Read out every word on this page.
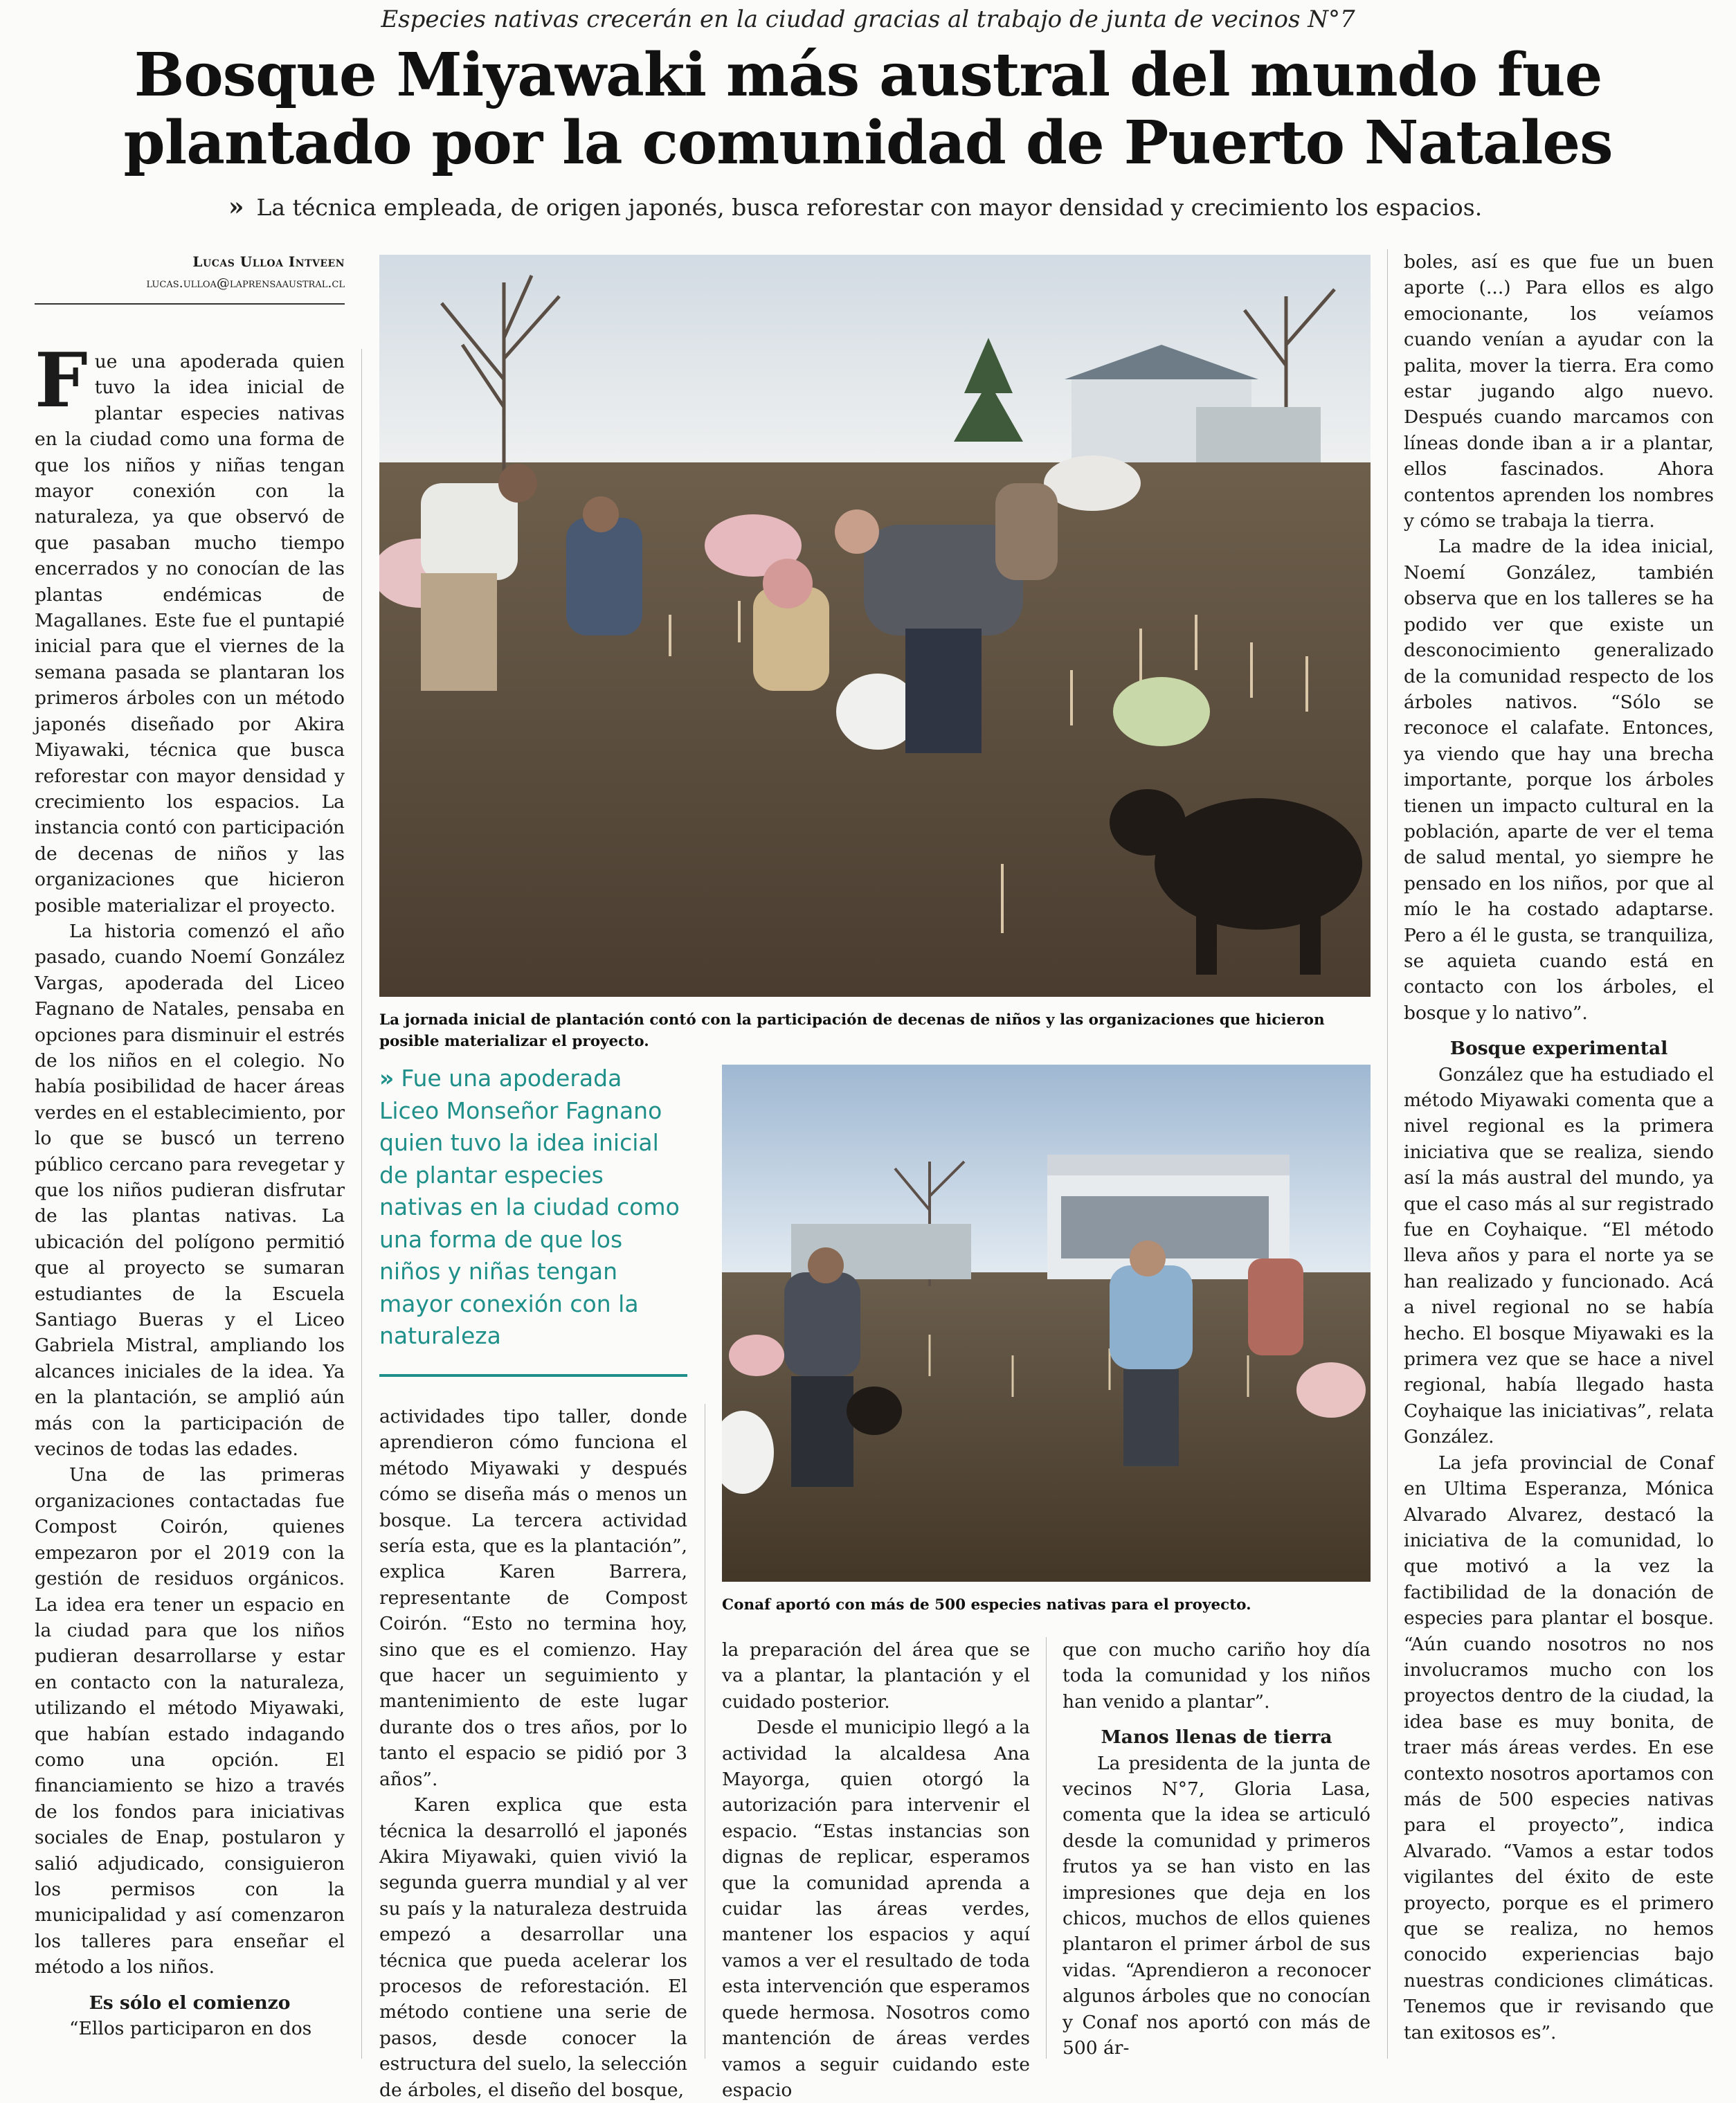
Especies nativas crecerán en la ciudad gracias al trabajo de junta de vecinos N°7
Bosque Miyawaki más austral del mundo fue
plantado por la comunidad de Puerto Natales
» La técnica empleada, de origen japonés, busca reforestar con mayor densidad y crecimiento los espacios.
Lucas Ulloa Intveen
lucas.ulloa@laprensaaustral.cl

Fue una apoderada quien tuvo la idea inicial de plantar especies nativas en la ciudad como una forma de que los niños y niñas tengan mayor conexión con la naturaleza, ya que observó de que pasaban mucho tiempo encerrados y no conocían de las plantas endémicas de Magallanes. Este fue el puntapié inicial para que el viernes de la semana pasada se plantaran los primeros árboles con un método japonés diseñado por Akira Miyawaki, técnica que busca reforestar con mayor densidad y crecimiento los espacios. La instancia contó con participación de decenas de niños y las organizaciones que hicieron posible materializar el proyecto.

La historia comenzó el año pasado, cuando Noemí González Vargas, apoderada del Liceo Fagnano de Natales, pensaba en opciones para disminuir el estrés de los niños en el colegio. No había posibilidad de hacer áreas verdes en el establecimiento, por lo que se buscó un terreno público cercano para revegetar y que los niños pudieran disfrutar de las plantas nativas. La ubicación del polígono permitió que al proyecto se sumaran estudiantes de la Escuela Santiago Bueras y el Liceo Gabriela Mistral, ampliando los alcances iniciales de la idea. Ya en la plantación, se amplió aún más con la participación de vecinos de todas las edades.

Una de las primeras organizaciones contactadas fue Compost Coirón, quienes empezaron por el 2019 con la gestión de residuos orgánicos. La idea era tener un espacio en la ciudad para que los niños pudieran desarrollarse y estar en contacto con la naturaleza, utilizando el método Miyawaki, que habían estado indagando como una opción. El financiamiento se hizo a través de los fondos para iniciativas sociales de Enap, postularon y salió adjudicado, consiguieron los permisos con la municipalidad y así comenzaron los talleres para enseñar el método a los niños.

Es sólo el comienzo

“Ellos participaron en dos

La jornada inicial de plantación contó con la participación de decenas de niños y las organizaciones que hicieron posible materializar el proyecto.
» Fue una apoderada Liceo Monseñor Fagnano quien tuvo la idea inicial de plantar especies nativas en la ciudad como una forma de que los niños y niñas tengan mayor conexión con la naturaleza
Conaf aportó con más de 500 especies nativas para el proyecto.

actividades tipo taller, donde aprendieron cómo funciona el método Miyawaki y después cómo se diseña más o menos un bosque. La tercera actividad sería esta, que es la plantación”, explica Karen Barrera, representante de Compost Coirón. “Esto no termina hoy, sino que es el comienzo. Hay que hacer un seguimiento y mantenimiento de este lugar durante dos o tres años, por lo tanto el espacio se pidió por 3 años”.

Karen explica que esta técnica la desarrolló el japonés Akira Miyawaki, quien vivió la segunda guerra mundial y al ver su país y la naturaleza destruida empezó a desarrollar una técnica que pueda acelerar los procesos de reforestación. El método contiene una serie de pasos, desde conocer la estructura del suelo, la selección de árboles, el diseño del bosque,

la preparación del área que se va a plantar, la plantación y el cuidado posterior.

Desde el municipio llegó a la actividad la alcaldesa Ana Mayorga, quien otorgó la autorización para intervenir el espacio. “Estas instancias son dignas de replicar, esperamos que la comunidad aprenda a cuidar las áreas verdes, mantener los espacios y aquí vamos a ver el resultado de toda esta intervención que esperamos quede hermosa. Nosotros como mantención de áreas verdes vamos a seguir cuidando este espacio

que con mucho cariño hoy día toda la comunidad y los niños han venido a plantar”.

Manos llenas de tierra

La presidenta de la junta de vecinos N°7, Gloria Lasa, comenta que la idea se articuló desde la comunidad y primeros frutos ya se han visto en las impresiones que deja en los chicos, muchos de ellos quienes plantaron el primer árbol de sus vidas. “Aprendieron a reconocer algunos árboles que no conocían y Conaf nos aportó con más de 500 ár-

boles, así es que fue un buen aporte (...) Para ellos es algo emocionante, los veíamos cuando venían a ayudar con la palita, mover la tierra. Era como estar jugando algo nuevo. Después cuando marcamos con líneas donde iban a ir a plantar, ellos fascinados. Ahora contentos aprenden los nombres y cómo se trabaja la tierra.

La madre de la idea inicial, Noemí González, también observa que en los talleres se ha podido ver que existe un desconocimiento generalizado de la comunidad respecto de los árboles nativos. “Sólo se reconoce el calafate. Entonces, ya viendo que hay una brecha importante, porque los árboles tienen un impacto cultural en la población, aparte de ver el tema de salud mental, yo siempre he pensado en los niños, por que al mío le ha costado adaptarse. Pero a él le gusta, se tranquiliza, se aquieta cuando está en contacto con los árboles, el bosque y lo nativo”.

Bosque experimental

González que ha estudiado el método Miyawaki comenta que a nivel regional es la primera iniciativa que se realiza, siendo así la más austral del mundo, ya que el caso más al sur registrado fue en Coyhaique. “El método lleva años y para el norte ya se han realizado y funcionado. Acá a nivel regional no se había hecho. El bosque Miyawaki es la primera vez que se hace a nivel regional, había llegado hasta Coyhaique las iniciativas”, relata González.

La jefa provincial de Conaf en Ultima Esperanza, Mónica Alvarado Alvarez, destacó la iniciativa de la comunidad, lo que motivó a la vez la factibilidad de la donación de especies para plantar el bosque. “Aún cuando nosotros no nos involucramos mucho con los proyectos dentro de la ciudad, la idea base es muy bonita, de traer más áreas verdes. En ese contexto nosotros aportamos con más de 500 especies nativas para el proyecto”, indica Alvarado. “Vamos a estar todos vigilantes del éxito de este proyecto, porque es el primero que se realiza, no hemos conocido experiencias bajo nuestras condiciones climáticas. Tenemos que ir revisando que tan exitosos es”.
